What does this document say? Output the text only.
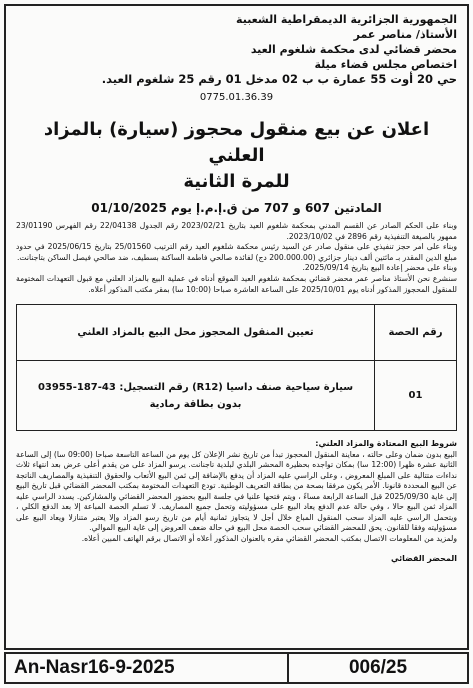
الجمهورية الجزائرية الديمقراطية الشعبية
الأستاذ/ مناصر عمر
محضر قضائي لدى محكمة شلغوم العيد
اختصاص مجلس قضاء ميلة
حي 20 أوت 55 عمارة ب ب 02 مدخل 01 رقم 25 شلغوم العيد.
0775.01.36.39
اعلان عن بيع منقول محجوز (سيارة) بالمزاد العلني
للمرة الثانية
المادتين 607 و 707 من ق.إ.م.إ يوم 01/10/2025

وبناء على الحكم الصادر عن القسم المدني بمحكمة شلغوم العيد بتاريخ 2023/02/21 رقم الجدول 22/04138 رقم الفهرس 23/01190 ممهور بالصيغة التنفيذية رقم 2896 في 2023/10/02.

وبناء على امر حجز تنفيذي على منقول صادر عن السيد رئيس محكمة شلغوم العيد رقم الترتيب 25/01560 بتاريخ 2025/06/15 في حدود مبلغ الدين المقدر بـ مائتين ألف دينار جزائري (200.000.00 دج) لفائدة صالحي فاطمة الساكنة بسطيف، ضد صالحي فيصل الساكن بتاجنانت.

وبناء على محضر إعادة البيع بتاريخ 2025/09/14.

سنشرع نحن الأستاذ مناصر عمر محضر قضائي بمحكمة شلغوم العيد الموقع أدناه في عملية البيع بالمزاد العلني مع قبول التعهدات المختومة للمنقول المحجوز المذكور أدناه يوم 2025/10/01 على الساعة العاشرة صباحا (10:00 سا) بمقر مكتب المذكور أعلاه.

رقم الحصة	تعيين المنقول المحجوز محل البيع بالمزاد العلني
01	سيارة سياحية صنف داسيا (R12) رقم التسجيل: 43-187-03955
بدون بطاقة رمادية
شروط البيع المعتادة والمزاد العلني:
البيع بدون ضمان وعلى حالته ، معاينة المنقول المحجوز تبدأ من تاريخ نشر الإعلان كل يوم من الساعة التاسعة صباحا (09:00 سا) إلى الساعة الثانية عشرة ظهرا (12:00 سا) بمكان تواجده بحظيرة المحشر البلدي لبلدية تاجنانت. يرسو المزاد على من يقدم أعلى عرض بعد انتهاء ثلاث نداءات متتالية على المبلغ المعروض ، وعلى الراسي عليه المزاد أن يدفع بالإضافة إلى ثمن البيع الأتعاب والحقوق التنفيذية والمصاريف الناتجة عن البيع المحددة قانونا. الأمر يكون مرفقا بصحة من بطاقة التعريف الوطنية. تودع التعهدات المختومة بمكتب المحضر القضائي قبل تاريخ البيع إلى غاية 2025/09/30 قبل الساعة الرابعة مساءً ، ويتم فتحها علنيا في جلسة البيع بحضور المحضر القضائي والمشاركين. يسدد الراسي عليه المزاد ثمن البيع حالا ، وفي حالة عدم الدفع يعاد البيع على مسؤوليته وتحمل جميع المصاريف. لا تسلم الحصة المباعة إلا بعد الدفع الكلي ، ويتحمل الراسي عليه المزاد سحب المنقول المباع خلال أجل لا يتجاوز ثمانية أيام من تاريخ رسو المزاد وإلا يعتبر متنازلا ويعاد البيع على مسؤوليته وفقا للقانون. يحق للمحضر القضائي سحب الحصة محل البيع في حالة ضعف العروض إلى غاية البيع الموالي.
ولمزيد من المعلومات الاتصال بمكتب المحضر القضائي مقره بالعنوان المذكور أعلاه أو الاتصال برقم الهاتف المبين أعلاه.
المحضر القضائي
An-Nasr16-9-2025	006/25
